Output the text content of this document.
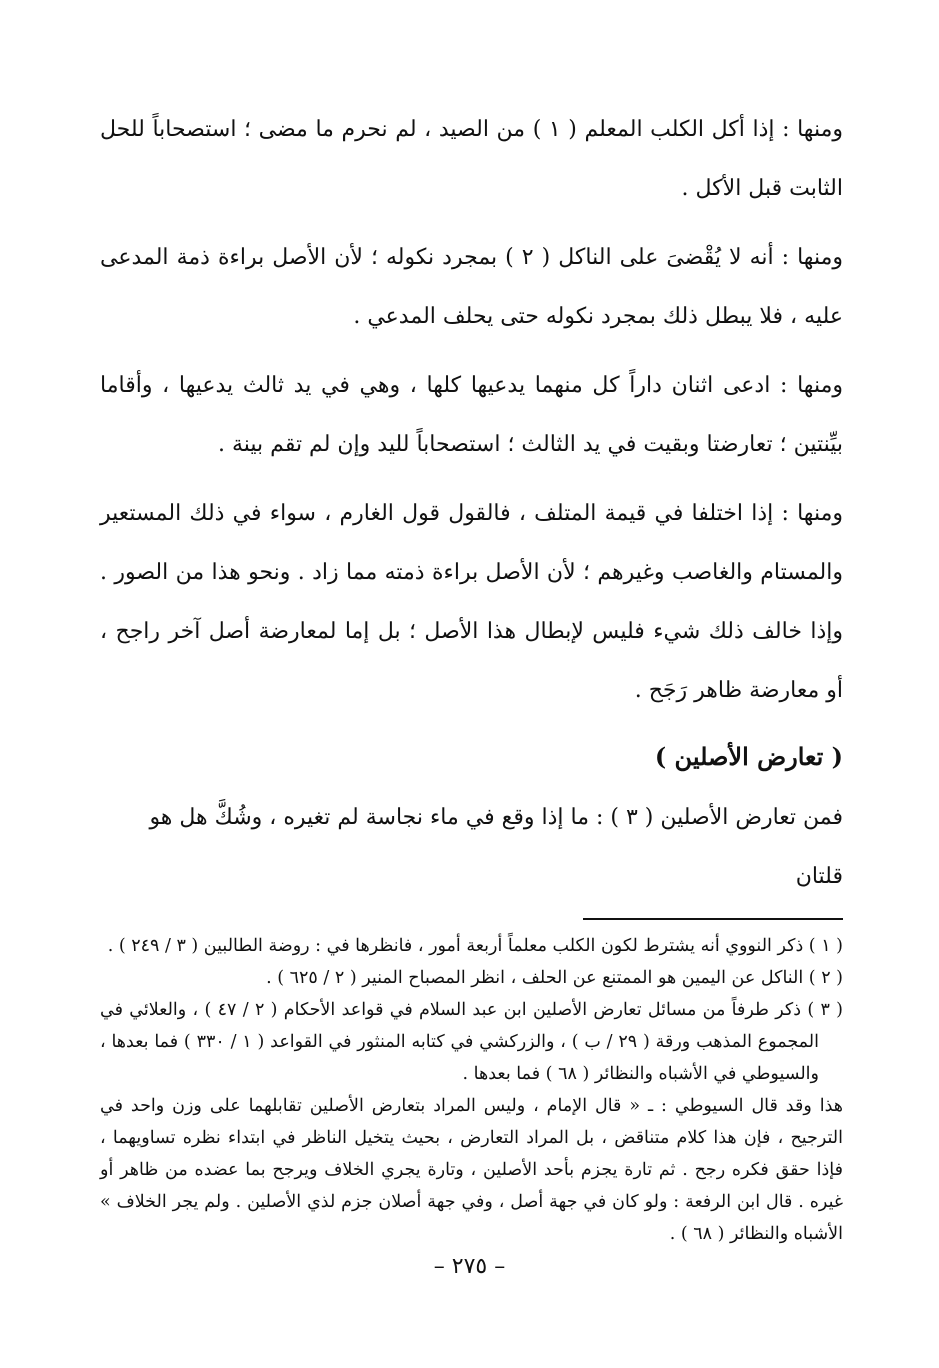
ومنها : إذا أكل الكلب المعلم ( ١ ) من الصيد ، لم نحرم ما مضى ؛ استصحاباً للحل الثابت قبل الأكل .

ومنها : أنه لا يُقْضىَ على الناكل ( ٢ ) بمجرد نكوله ؛ لأن الأصل براءة ذمة المدعى عليه ، فلا يبطل ذلك بمجرد نكوله حتى يحلف المدعي .

ومنها : ادعى اثنان داراً كل منهما يدعيها كلها ، وهي في يد ثالث يدعيها ، وأقاما بيِّنتين ؛ تعارضتا وبقيت في يد الثالث ؛ استصحاباً لليد وإن لم تقم بينة .

ومنها : إذا اختلفا في قيمة المتلف ، فالقول قول الغارم ، سواء في ذلك المستعير والمستام والغاصب وغيرهم ؛ لأن الأصل براءة ذمته مما زاد . ونحو هذا من الصور . وإذا خالف ذلك شيء فليس لإبطال هذا الأصل ؛ بل إما لمعارضة أصل آخر راجح ، أو معارضة ظاهر رَجَح .

( تعارض الأصلين )

فمن تعارض الأصلين ( ٣ ) : ما إذا وقع في ماء نجاسة لم تغيره ، وشُكَّ هل هو قلتان

( ١ ) ذكر النووي أنه يشترط لكون الكلب معلماً أربعة أمور ، فانظرها في : روضة الطالبين ( ٣ / ٢٤٩ ) .

( ٢ ) الناكل عن اليمين هو الممتنع عن الحلف ، انظر المصباح المنير ( ٢ / ٦٢٥ ) .

( ٣ ) ذكر طرفاً من مسائل تعارض الأصلين ابن عبد السلام في قواعد الأحكام ( ٢ / ٤٧ ) ، والعلائي في المجموع المذهب ورقة ( ٢٩ / ب ) ، والزركشي في كتابه المنثور في القواعد ( ١ / ٣٣٠ ) فما بعدها ، والسيوطي في الأشباه والنظائر ( ٦٨ ) فما بعدها .

هذا وقد قال السيوطي : ـ « قال الإمام ، وليس المراد بتعارض الأصلين تقابلهما على وزن واحد في الترجيح ، فإن هذا كلام متناقض ، بل المراد التعارض ، بحيث يتخيل الناظر في ابتداء نظره تساويهما ، فإذا حقق فكره رجح . ثم تارة يجزم بأحد الأصلين ، وتارة يجري الخلاف ويرجح بما عضده من ظاهر أو غيره . قال ابن الرفعة : ولو كان في جهة أصل ، وفي جهة أصلان جزم لذي الأصلين . ولم يجر الخلاف » الأشباه والنظائر ( ٦٨ ) .

– ٢٧٥ –
